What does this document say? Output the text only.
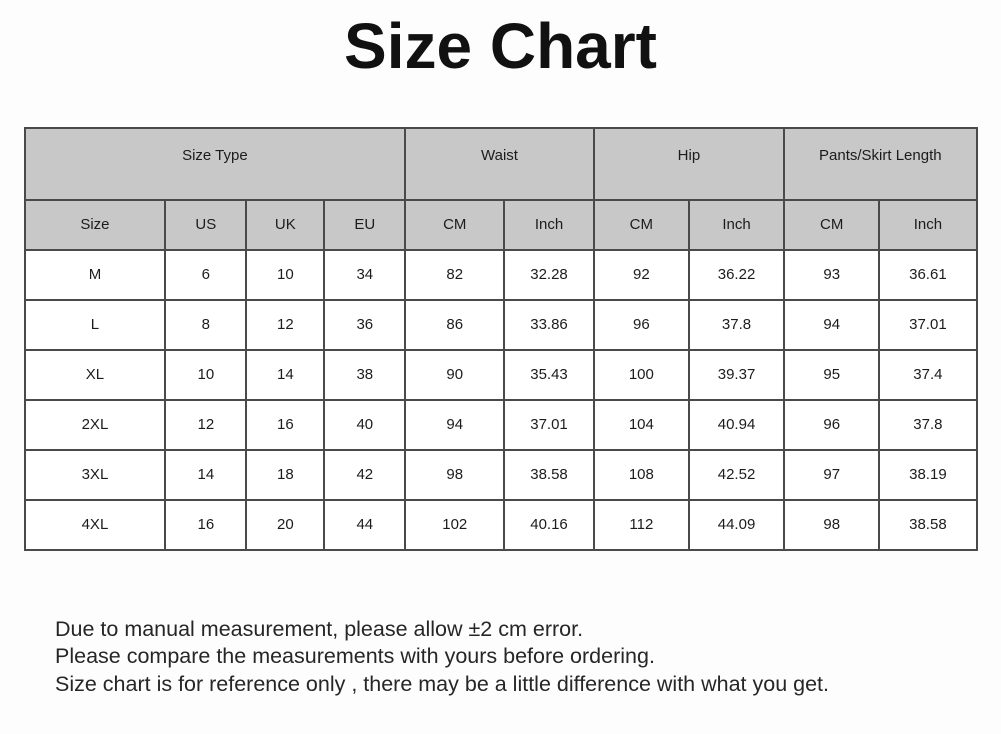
Size Chart
Size Type				Waist		Hip		Pants/Skirt Length	
Size	US	UK	EU	CM	Inch	CM	Inch	CM	Inch
M	6	10	34	82	32.28	92	36.22	93	36.61
L	8	12	36	86	33.86	96	37.8	94	37.01
XL	10	14	38	90	35.43	100	39.37	95	37.4
2XL	12	16	40	94	37.01	104	40.94	96	37.8
3XL	14	18	42	98	38.58	108	42.52	97	38.19
4XL	16	20	44	102	40.16	112	44.09	98	38.58
Due to manual measurement, please allow ±2 cm error.
Please compare the measurements with yours before ordering.
Size chart is for reference only , there may be a little difference with what you get.
